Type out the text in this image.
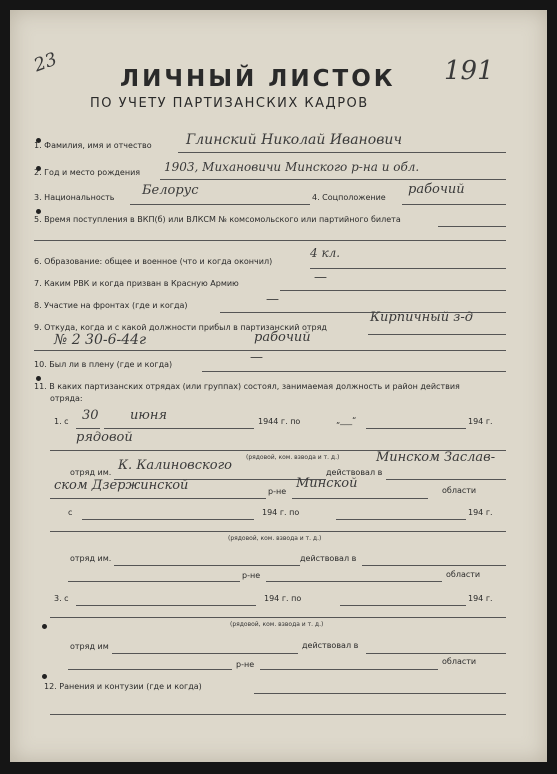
23
ЛИЧНЫЙ ЛИСТОК 191
ПО УЧЕТУ ПАРТИЗАНСКИХ КАДРОВ
1. Фамилия, имя и отчество Глинский Николай Иванович
2. Год и место рождения 1903, Михановичи Минского р-на и обл.
3. Национальность Белорус	4. Соцположение
рабочий
5. Время поступления в ВКП(б) или ВЛКСМ № комсомольского или партийного билета
6. Образование: общее и военное (что и когда окончил)
4 кл.
7. Каким РВК и когда призван в Красную Армию	—
8. Участие на фронтах (где и когда)	—
9. Откуда, когда и с какой должности прибыл в партизанский отряд
Кирпичный з-д
№ 2 30-6-44г	рабочий
10. Был ли в плену (где и когда)	—
11. В каких партизанских отрядах (или группах) состоял, занимаемая должность и район действия
отряда:
1. с 30 июня	1944 г. по	„___“	194 г.
рядовой
(рядовой, ком. взвода и т. д.)
отряд им. К. Калиновского	действовал в
Минском Заслав-
ском Дзержинской	р-не
Минской	области
с	194 г. по	194 г.
(рядовой, ком. взвода и т. д.)
отряд им.	действовал в
р-не	области
3. с	194 г. по	194 г.
(рядовой, ком. взвода и т. д.)
отряд им	действовал в
р-не	области
12. Ранения и контузии (где и когда)
